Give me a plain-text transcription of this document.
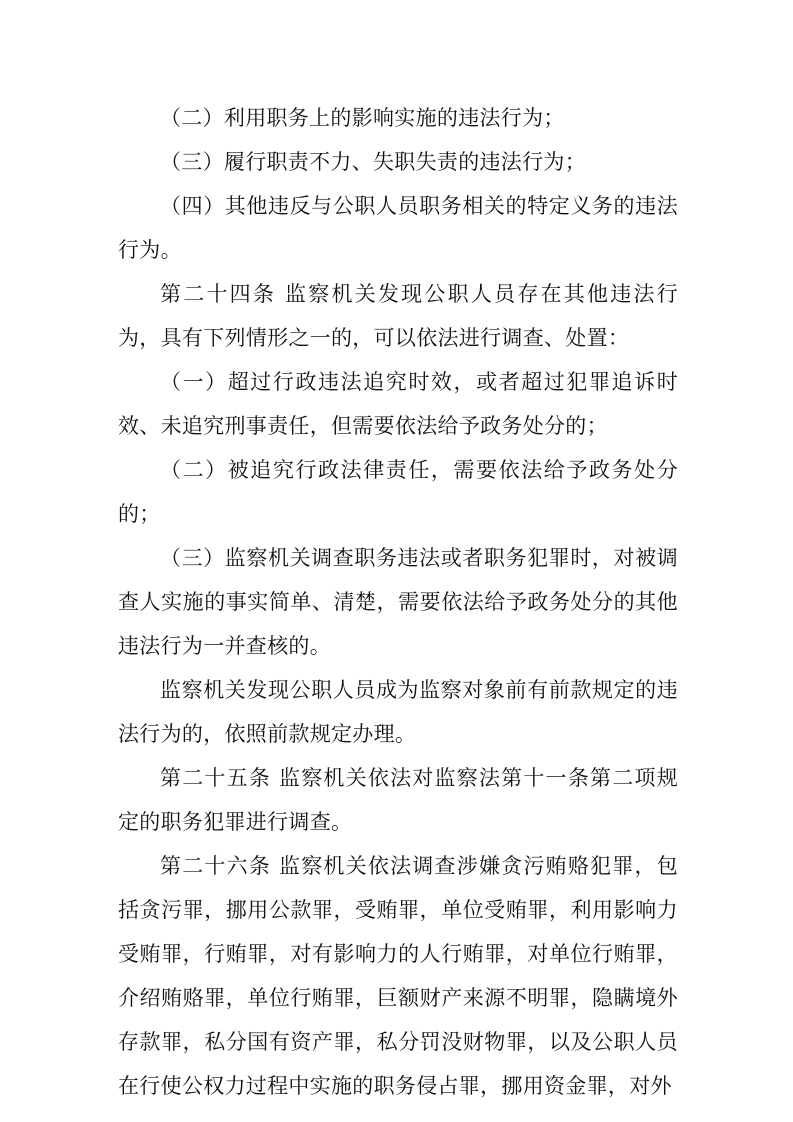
（二）利用职务上的影响实施的违法行为；

（三）履行职责不力、失职失责的违法行为；

（四）其他违反与公职人员职务相关的特定义务的违法行为。

第二十四条 监察机关发现公职人员存在其他违法行为，具有下列情形之一的，可以依法进行调查、处置：

（一）超过行政违法追究时效，或者超过犯罪追诉时效、未追究刑事责任，但需要依法给予政务处分的；

（二）被追究行政法律责任，需要依法给予政务处分的；

（三）监察机关调查职务违法或者职务犯罪时，对被调查人实施的事实简单、清楚，需要依法给予政务处分的其他违法行为一并查核的。

监察机关发现公职人员成为监察对象前有前款规定的违法行为的，依照前款规定办理。

第二十五条 监察机关依法对监察法第十一条第二项规定的职务犯罪进行调查。

第二十六条 监察机关依法调查涉嫌贪污贿赂犯罪，包括贪污罪，挪用公款罪，受贿罪，单位受贿罪，利用影响力受贿罪，行贿罪，对有影响力的人行贿罪，对单位行贿罪，介绍贿赂罪，单位行贿罪，巨额财产来源不明罪，隐瞒境外存款罪，私分国有资产罪，私分罚没财物罪，以及公职人员在行使公权力过程中实施的职务侵占罪，挪用资金罪，对外
